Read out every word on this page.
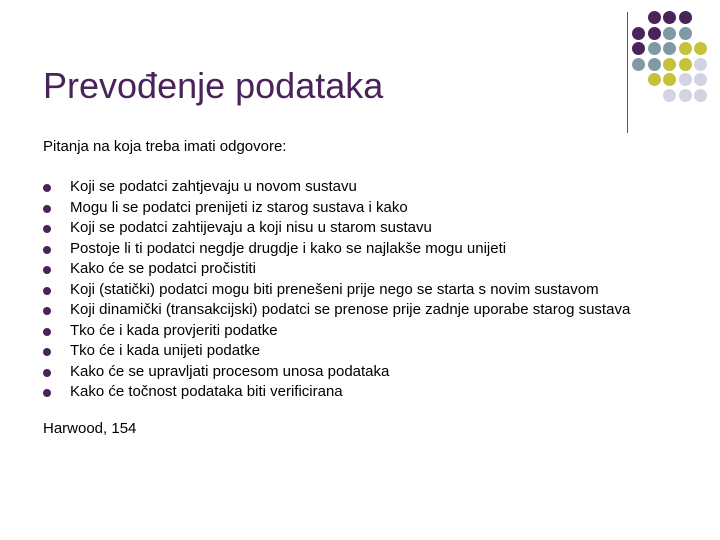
Prevođenje podataka
Pitanja na koja treba imati odgovore:
Koji se podatci zahtjevaju u novom sustavu
Mogu li se podatci prenijeti iz starog sustava i kako
Koji se podatci zahtijevaju a koji nisu u starom sustavu
Postoje li ti podatci negdje drugdje i kako se najlakše mogu unijeti
Kako će se podatci pročistiti
Koji (statički) podatci mogu biti prenešeni prije nego se starta s novim sustavom
Koji dinamički (transakcijski) podatci se prenose prije zadnje uporabe starog sustava
Tko će i kada provjeriti podatke
Tko će i kada unijeti podatke
Kako će se upravljati procesom unosa podataka
Kako će točnost podataka biti verificirana
Harwood, 154
